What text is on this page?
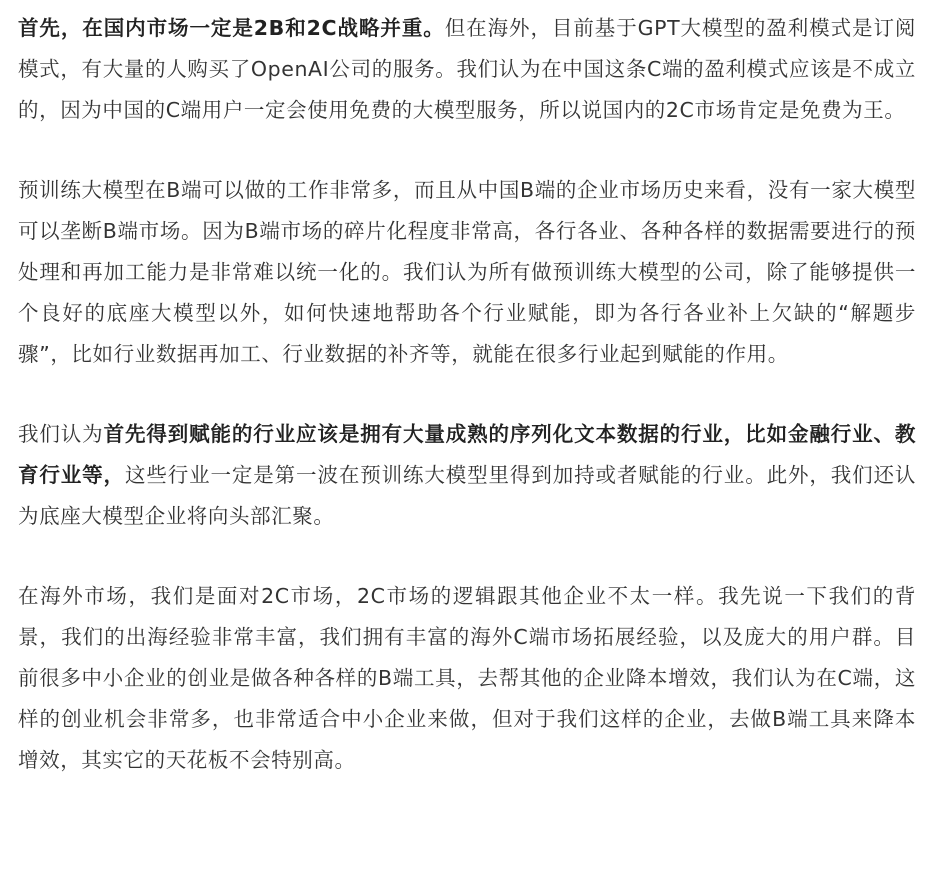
首先，在国内市场一定是2B和2C战略并重。但在海外，目前基于GPT大模型的盈利模式是订阅模式，有大量的人购买了OpenAI公司的服务。我们认为在中国这条C端的盈利模式应该是不成立的，因为中国的C端用户一定会使用免费的大模型服务，所以说国内的2C市场肯定是免费为王。

预训练大模型在B端可以做的工作非常多，而且从中国B端的企业市场历史来看，没有一家大模型可以垄断B端市场。因为B端市场的碎片化程度非常高，各行各业、各种各样的数据需要进行的预处理和再加工能力是非常难以统一化的。我们认为所有做预训练大模型的公司，除了能够提供一个良好的底座大模型以外，如何快速地帮助各个行业赋能，即为各行各业补上欠缺的“解题步骤”，比如行业数据再加工、行业数据的补齐等，就能在很多行业起到赋能的作用。

我们认为首先得到赋能的行业应该是拥有大量成熟的序列化文本数据的行业，比如金融行业、教育行业等，这些行业一定是第一波在预训练大模型里得到加持或者赋能的行业。此外，我们还认为底座大模型企业将向头部汇聚。

在海外市场，我们是面对2C市场，2C市场的逻辑跟其他企业不太一样。我先说一下我们的背景，我们的出海经验非常丰富，我们拥有丰富的海外C端市场拓展经验，以及庞大的用户群。目前很多中小企业的创业是做各种各样的B端工具，去帮其他的企业降本增效，我们认为在C端，这样的创业机会非常多，也非常适合中小企业来做，但对于我们这样的企业，去做B端工具来降本增效，其实它的天花板不会特别高。
